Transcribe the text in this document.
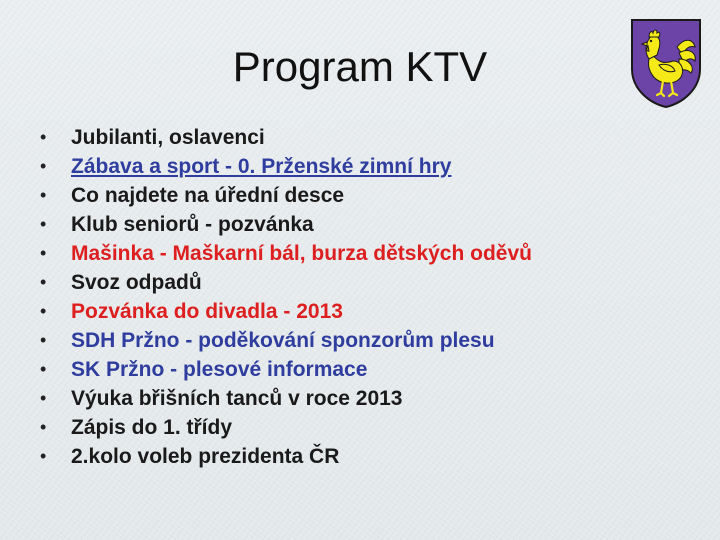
Program KTV
•	Jubilanti, oslavenci
•	Zábava a sport - 0. Prženské zimní hry
•	Co najdete na úřední desce
•	Klub seniorů - pozvánka
•	Mašinka - Maškarní bál, burza dětských oděvů
•	Svoz odpadů
•	Pozvánka do divadla - 2013
•	SDH Pržno - poděkování sponzorům plesu
•	SK Pržno - plesové informace
•	Výuka břišních tanců v roce 2013
•	Zápis do 1. třídy
•	2.kolo voleb prezidenta ČR
